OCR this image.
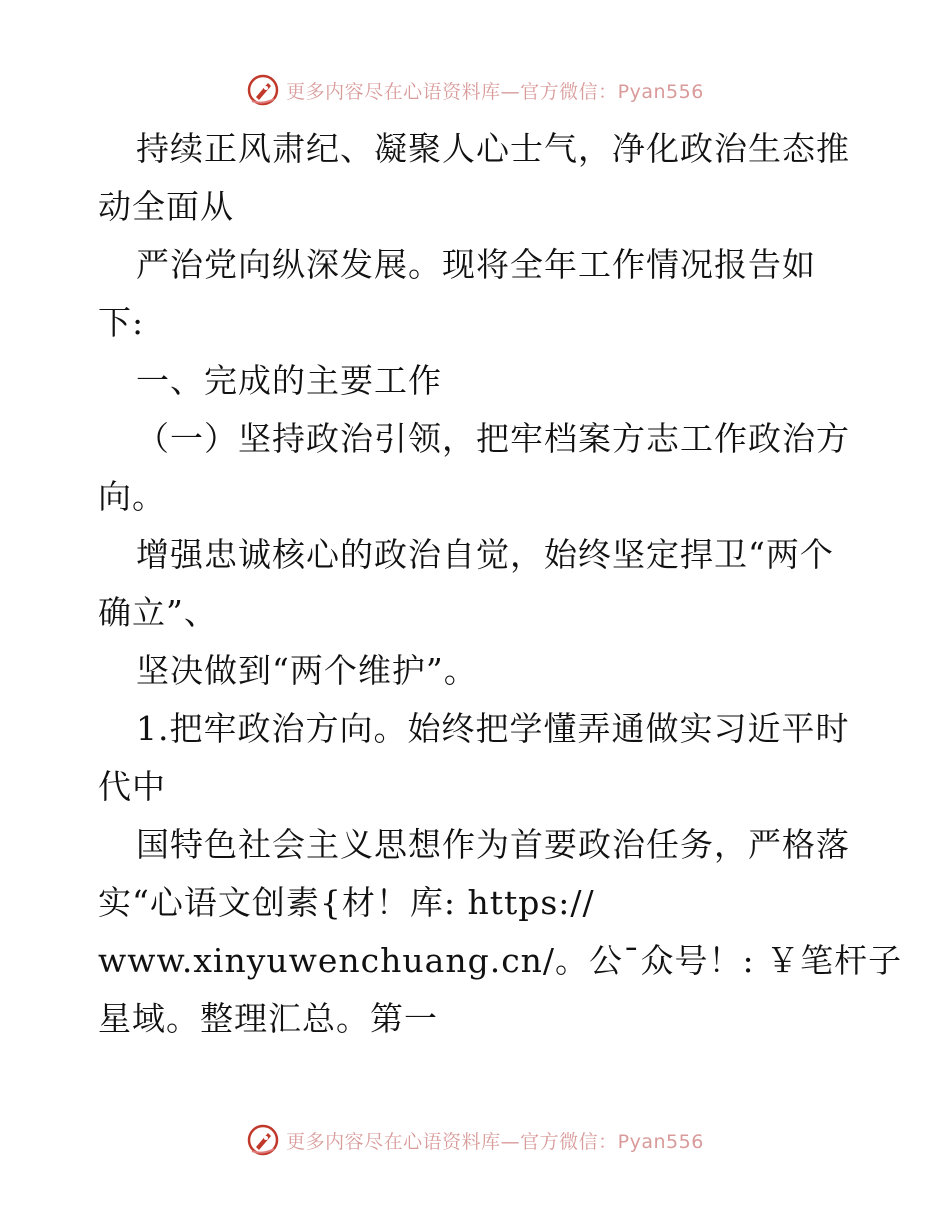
更多内容尽在心语资料库—官方微信：Pyan556
持续正风肃纪、凝聚人心士气，净化政治生态推
动全面从
严治党向纵深发展。现将全年工作情况报告如
下:
一、完成的主要工作
（一）坚持政治引领，把牢档案方志工作政治方
向。
增强忠诚核心的政治自觉，始终坚定捍卫“两个
确立”、
坚决做到“两个维护”。
1.把牢政治方向。始终把学懂弄通做实习近平时
代中
国特色社会主义思想作为首要政治任务，严格落
实“心语文创素{材！库: https://
www.xinyuwenchuang.cn/。公¯众号！: ￥笔杆子
星域。整理汇总。第一
更多内容尽在心语资料库—官方微信：Pyan556
